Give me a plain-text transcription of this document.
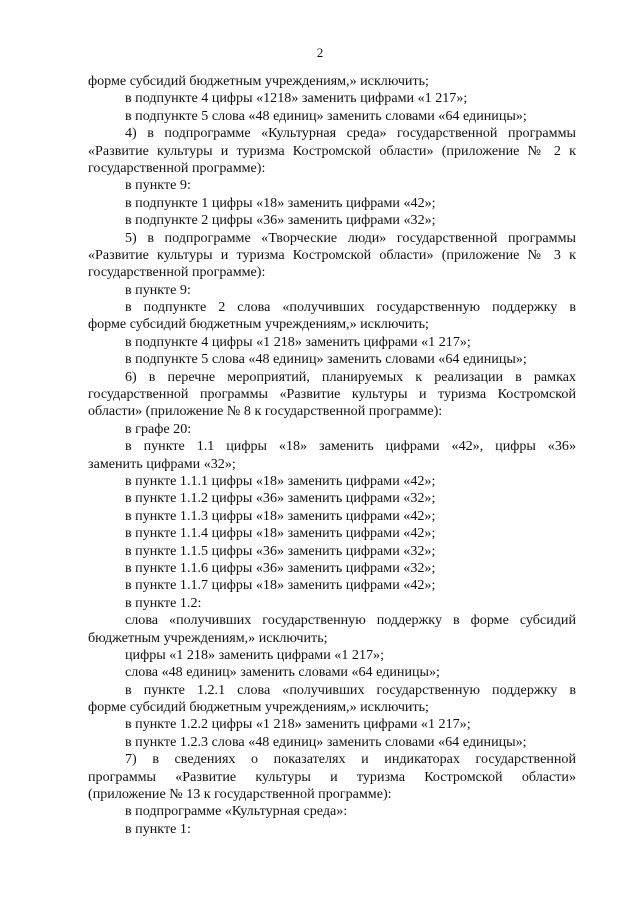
2
форме субсидий бюджетным учреждениям,» исключить;
в подпункте 4 цифры «1218» заменить цифрами «1 217»;
в подпункте 5 слова «48 единиц» заменить словами «64 единицы»;
4) в подпрограмме «Культурная среда» государственной программы
«Развитие культуры и туризма Костромской области» (приложение № 2 к
государственной программе):
в пункте 9:
в подпункте 1 цифры «18» заменить цифрами «42»;
в подпункте 2 цифры «36» заменить цифрами «32»;
5) в подпрограмме «Творческие люди» государственной программы
«Развитие культуры и туризма Костромской области» (приложение № 3 к
государственной программе):
в пункте 9:
в подпункте 2 слова «получивших государственную поддержку в
форме субсидий бюджетным учреждениям,» исключить;
в подпункте 4 цифры «1 218» заменить цифрами «1 217»;
в подпункте 5 слова «48 единиц» заменить словами «64 единицы»;
6) в перечне мероприятий, планируемых к реализации в рамках
государственной программы «Развитие культуры и туризма Костромской
области» (приложение № 8 к государственной программе):
в графе 20:
в пункте 1.1 цифры «18» заменить цифрами «42», цифры «36»
заменить цифрами «32»;
в пункте 1.1.1 цифры «18» заменить цифрами «42»;
в пункте 1.1.2 цифры «36» заменить цифрами «32»;
в пункте 1.1.3 цифры «18» заменить цифрами «42»;
в пункте 1.1.4 цифры «18» заменить цифрами «42»;
в пункте 1.1.5 цифры «36» заменить цифрами «32»;
в пункте 1.1.6 цифры «36» заменить цифрами «32»;
в пункте 1.1.7 цифры «18» заменить цифрами «42»;
в пункте 1.2:
слова «получивших государственную поддержку в форме субсидий
бюджетным учреждениям,» исключить;
цифры «1 218» заменить цифрами «1 217»;
слова «48 единиц» заменить словами «64 единицы»;
в пункте 1.2.1 слова «получивших государственную поддержку в
форме субсидий бюджетным учреждениям,» исключить;
в пункте 1.2.2 цифры «1 218» заменить цифрами «1 217»;
в пункте 1.2.3 слова «48 единиц» заменить словами «64 единицы»;
7) в сведениях о показателях и индикаторах государственной
программы «Развитие культуры и туризма Костромской области»
(приложение № 13 к государственной программе):
в подпрограмме «Культурная среда»:
в пункте 1:
